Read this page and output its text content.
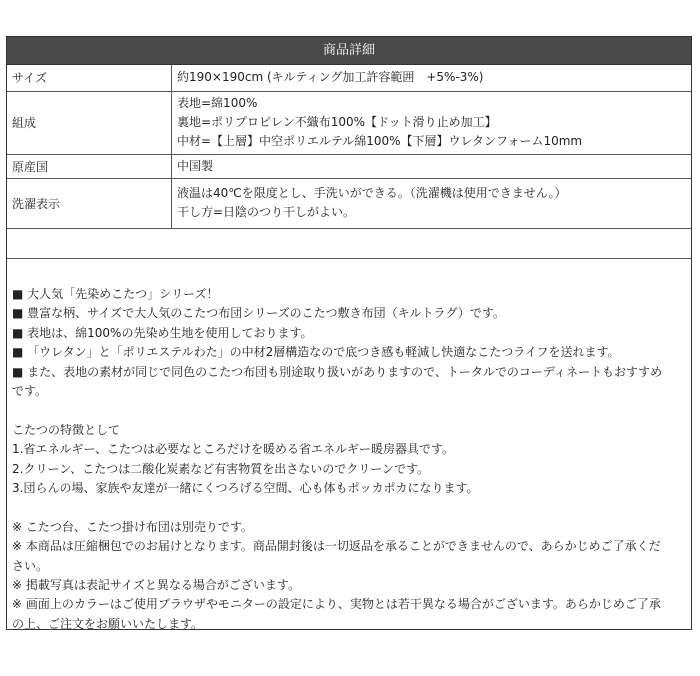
商品詳細
サイズ	約190×190cm (キルティング加工許容範囲　+5%-3%)

組成	表地=綿100%
裏地=ポリプロピレン不織布100%【ドット滑り止め加工】
中材=【上層】中空ポリエルテル綿100%【下層】ウレタンフォーム10mm

原産国	中国製

洗濯表示	液温は40℃を限度とし、手洗いができる。（洗濯機は使用できません。）
干し方=日陰のつり干しがよい。
■ 大人気「先染めこたつ」シリーズ！
■ 豊富な柄、サイズで大人気のこたつ布団シリーズのこたつ敷き布団（キルトラグ）です。
■ 表地は、綿100%の先染め生地を使用しております。
■ 「ウレタン」と「ポリエステルわた」の中材2層構造なので底つき感も軽減し快適なこたつライフを送れます。
■ また、表地の素材が同じで同色のこたつ布団も別途取り扱いがありますので、トータルでのコーディネートもおすすめ
です。
こたつの特徴として
1.省エネルギー、こたつは必要なところだけを暖める省エネルギー暖房器具です。
2.クリーン、こたつは二酸化炭素など有害物質を出さないのでクリーンです。
3.団らんの場、家族や友達が一緒にくつろげる空間、心も体もポッカポカになります。
※ こたつ台、こたつ掛け布団は別売りです。
※ 本商品は圧縮梱包でのお届けとなります。商品開封後は一切返品を承ることができませんので、あらかじめご了承くだ
さい。
※ 掲載写真は表記サイズと異なる場合がございます。
※ 画面上のカラーはご使用ブラウザやモニターの設定により、実物とは若干異なる場合がございます。あらかじめご了承
の上、ご注文をお願いいたします。
